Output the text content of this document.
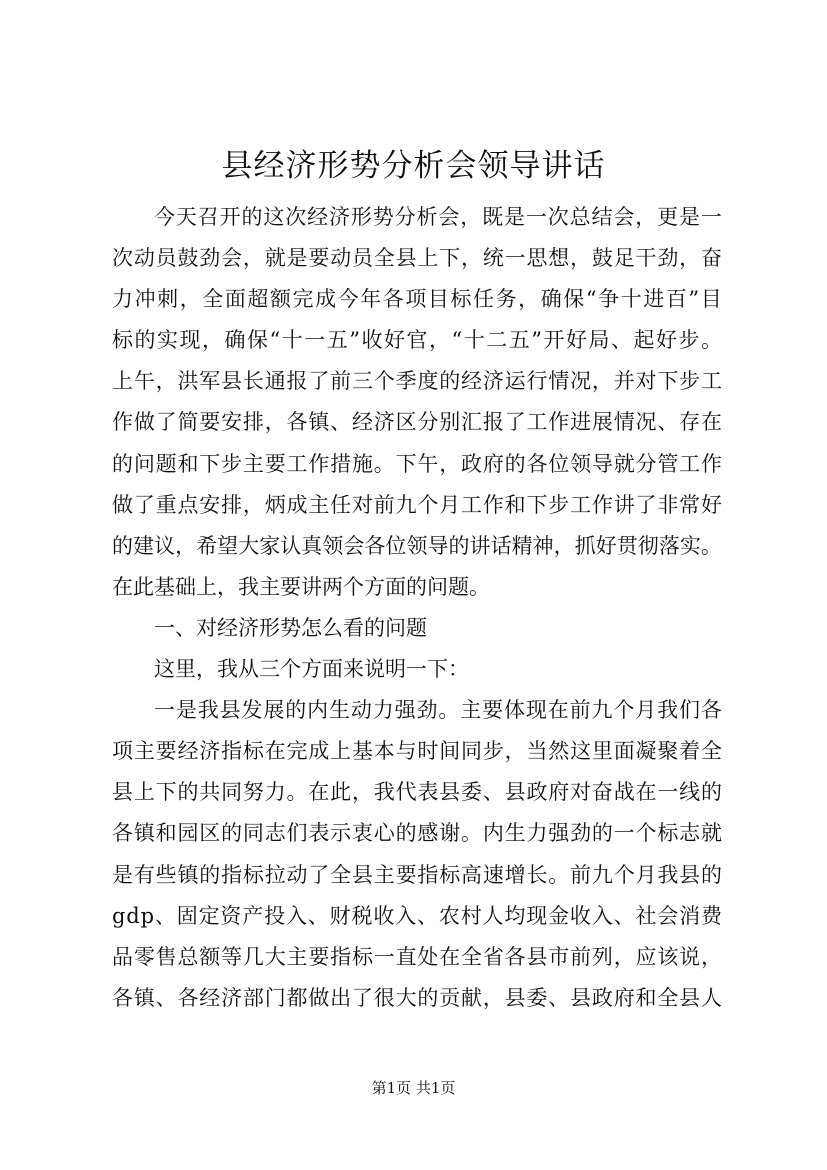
县经济形势分析会领导讲话
今 天 召 开 的 这 次 经 济 形 势 分 析 会 ， 既 是 一 次 总 结 会 ， 更 是 一
次 动 员 鼓 劲 会 ， 就 是 要 动 员 全 县 上 下 ， 统 一 思 想 ， 鼓 足 干 劲 ， 奋
力 冲 刺 ， 全 面 超 额 完 成 今 年 各 项 目 标 任 务 ， 确 保 “ 争 十 进 百 ” 目
标 的 实 现 ， 确 保 “ 十 一 五 ” 收 好 官 ， “ 十 二 五 ” 开 好 局 、 起 好 步 。
上 午 ， 洪 军 县 长 通 报 了 前 三 个 季 度 的 经 济 运 行 情 况 ， 并 对 下 步 工
作 做 了 简 要 安 排 ， 各 镇 、 经 济 区 分 别 汇 报 了 工 作 进 展 情 况 、 存 在
的 问 题 和 下 步 主 要 工 作 措 施 。 下 午 ， 政 府 的 各 位 领 导 就 分 管 工 作
做 了 重 点 安 排 ， 炳 成 主 任 对 前 九 个 月 工 作 和 下 步 工 作 讲 了 非 常 好
的 建 议 ， 希 望 大 家 认 真 领 会 各 位 领 导 的 讲 话 精 神 ， 抓 好 贯 彻 落 实 。
在此基础上，我主要讲两个方面的问题。
一、对经济形势怎么看的问题
这里，我从三个方面来说明一下：
一 是 我 县 发 展 的 内 生 动 力 强 劲 。 主 要 体 现 在 前 九 个 月 我 们 各
项 主 要 经 济 指 标 在 完 成 上 基 本 与 时 间 同 步 ， 当 然 这 里 面 凝 聚 着 全
县 上 下 的 共 同 努 力 。 在 此 ， 我 代 表 县 委 、 县 政 府 对 奋 战 在 一 线 的
各 镇 和 园 区 的 同 志 们 表 示 衷 心 的 感 谢 。 内 生 力 强 劲 的 一 个 标 志 就
是 有 些 镇 的 指 标 拉 动 了 全 县 主 要 指 标 高 速 增 长 。 前 九 个 月 我 县 的
g d p 、 固 定 资 产 投 入 、 财 税 收 入 、 农 村 人 均 现 金 收 入 、 社 会 消 费
品 零 售 总 额 等 几 大 主 要 指 标 一 直 处 在 全 省 各 县 市 前 列 ， 应 该 说 ，
各 镇 、 各 经 济 部 门 都 做 出 了 很 大 的 贡 献 ， 县 委 、 县 政 府 和 全 县 人
第1页 共1页
